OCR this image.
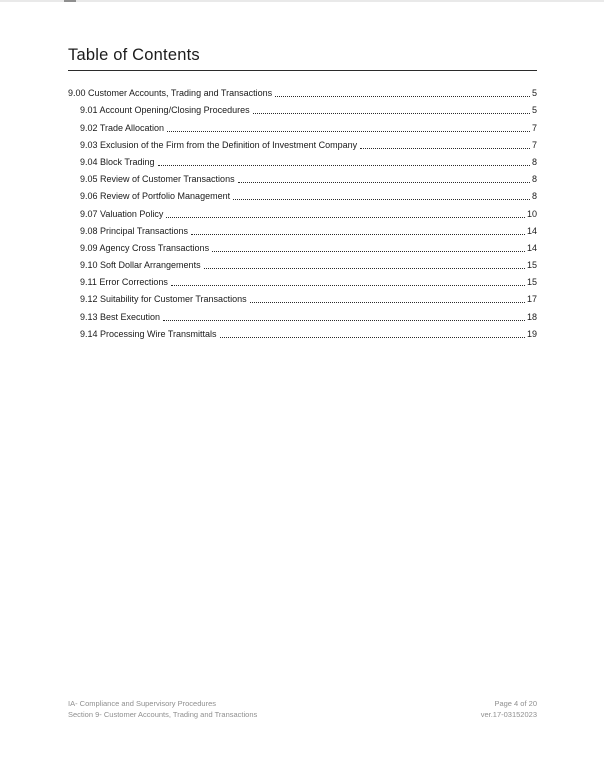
Table of Contents
9.00 Customer Accounts, Trading and Transactions	5
9.01 Account Opening/Closing Procedures	5
9.02 Trade Allocation	7
9.03 Exclusion of the Firm from the Definition of Investment Company	7
9.04 Block Trading	8
9.05 Review of Customer Transactions	8
9.06 Review of Portfolio Management	8
9.07 Valuation Policy	10
9.08 Principal Transactions	14
9.09 Agency Cross Transactions	14
9.10 Soft Dollar Arrangements	15
9.11 Error Corrections	15
9.12 Suitability for Customer Transactions	17
9.13 Best Execution	18
9.14 Processing Wire Transmittals	19
IA- Compliance and Supervisory Procedures
Section 9- Customer Accounts, Trading and Transactions
Page 4 of 20
ver.17-03152023
